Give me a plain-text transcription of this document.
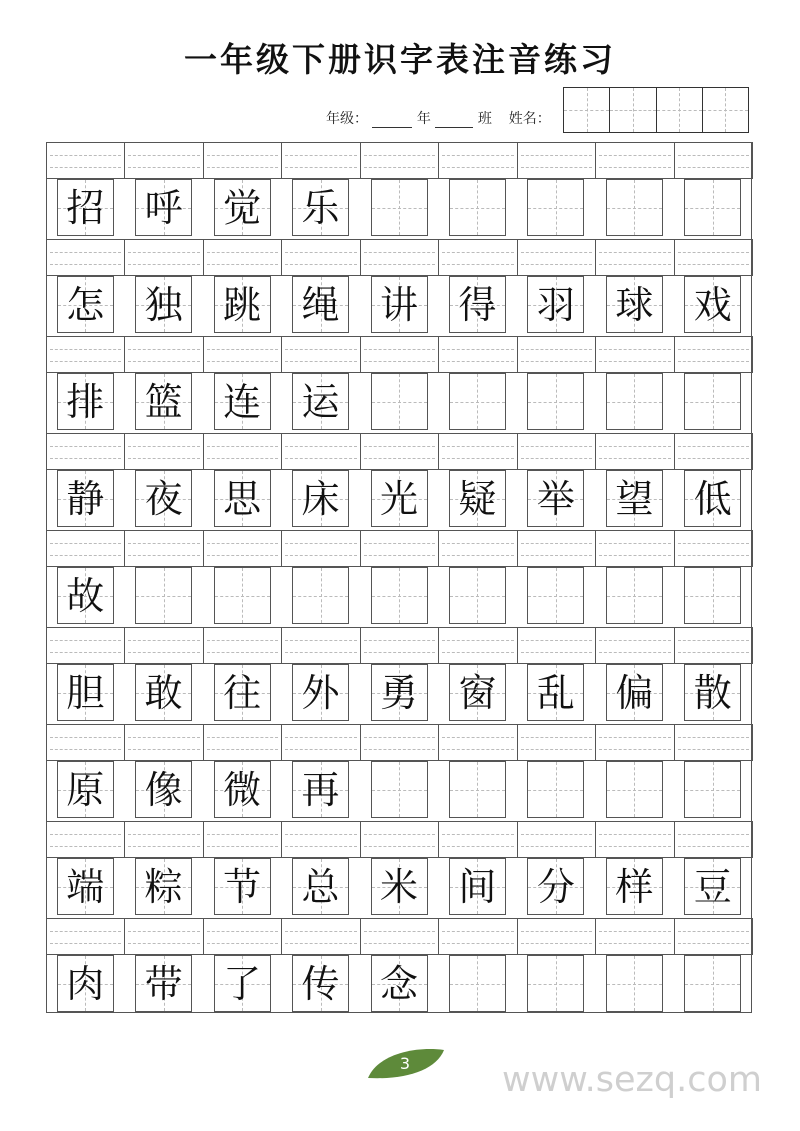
一年级下册识字表注音练习
年级：	年	班 姓名：
招 呼 觉 乐
怎 独 跳 绳 讲 得 羽 球 戏
排 篮 连 运
静 夜 思 床 光 疑 举 望 低
故
胆 敢 往 外 勇 窗 乱 偏 散
原 像 微 再
端 粽 节 总 米 间 分 样 豆
肉 带 了 传 念
3	www.sezq.com
